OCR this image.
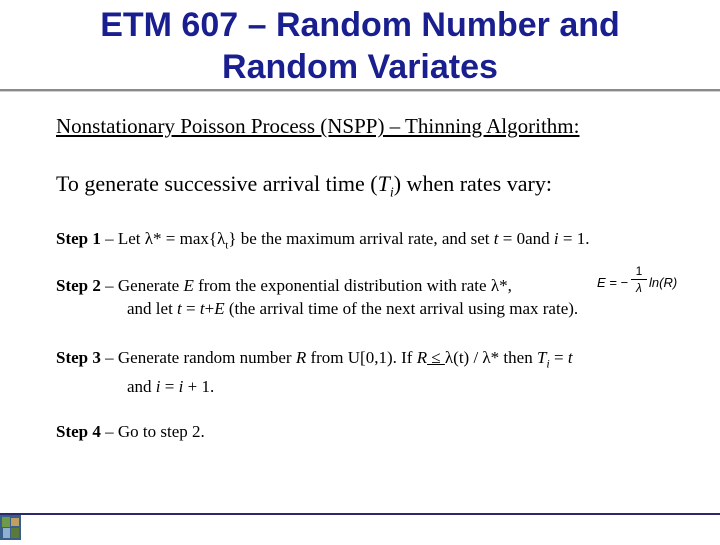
ETM 607 – Random Number and
Random Variates
Nonstationary Poisson Process (NSPP) – Thinning Algorithm:
To generate successive arrival time $(T_i)$ when rates vary:
Step 1 – Let $\lambda* = \max\{\lambda_t\}$ be the maximum arrival rate, and set t = 0and i = 1.
Step 2 – Generate E from the exponential distribution with rate λ*,
and let t = t+E (the arrival time of the next arrival using max rate).
E = −
1
λ ln(R)
Step 3 – Generate random number R from U[0,1). If R ≤ λ(t) / λ* then $T_i = t$
and i = i + 1.
Step 4 – Go to step 2.
